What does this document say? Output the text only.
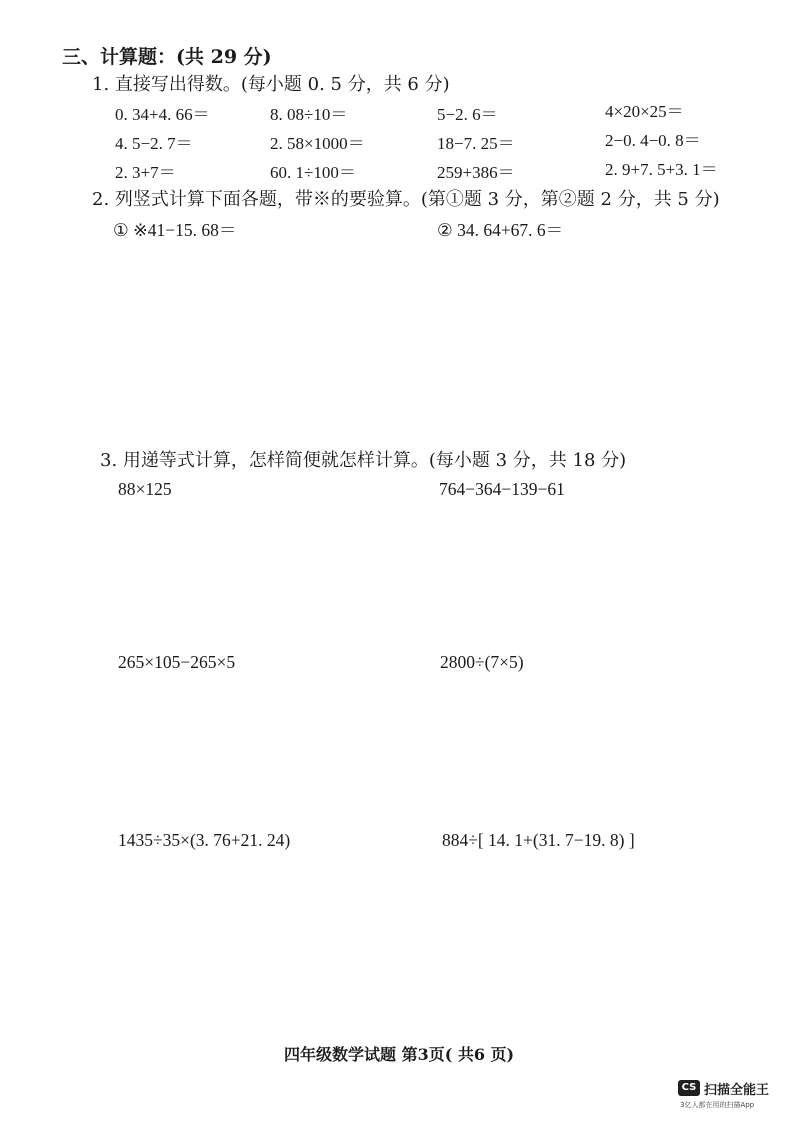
三、计算题：(共 29 分)
1. 直接写出得数。(每小题 0. 5 分，共 6 分)
0. 34+4. 66＝	8. 08÷10＝	5−2. 6＝	4×20×25＝
4. 5−2. 7＝	2. 58×1000＝	18−7. 25＝	2−0. 4−0. 8＝
2. 3+7＝	60. 1÷100＝	259+386＝	2. 9+7. 5+3. 1＝
2. 列竖式计算下面各题，带※的要验算。(第①题 3 分，第②题 2 分，共 5 分)
① ※41−15. 68＝	② 34. 64+67. 6＝
3. 用递等式计算，怎样简便就怎样计算。(每小题 3 分，共 18 分)
88×125	764−364−139−61
265×105−265×5	2800÷(7×5)
1435÷35×(3. 76+21. 24)	884÷[ 14. 1+(31. 7−19. 8) ]
四年级数学试题 第3页( 共6 页)
CS 扫描全能王
3亿人都在用的扫描App
